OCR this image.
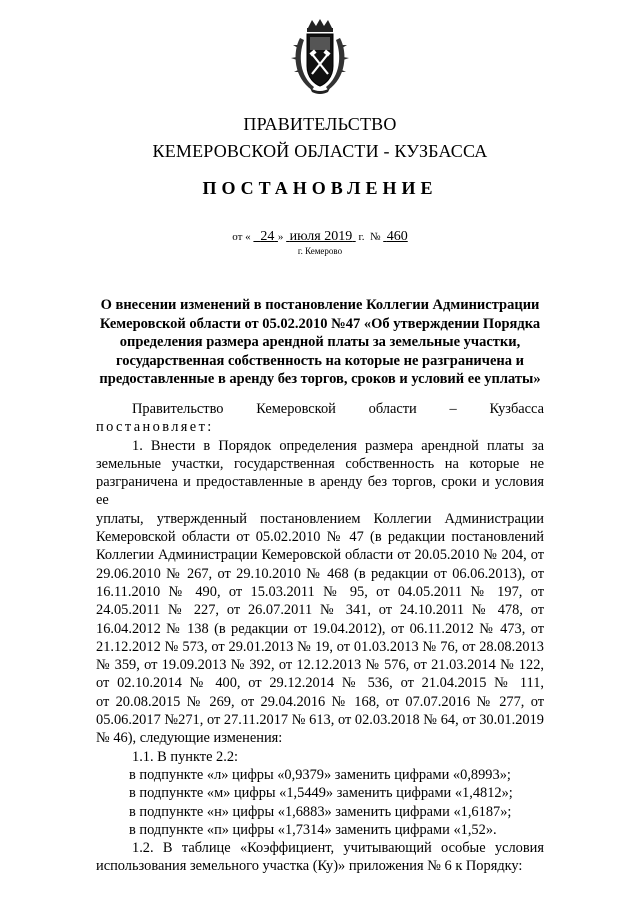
ПРАВИТЕЛЬСТВО
КЕМЕРОВСКОЙ ОБЛАСТИ - КУЗБАССА
ПОСТАНОВЛЕНИЕ
от « 24 » июля 2019 г. № 460
г. Кемерово
О внесении изменений в постановление Коллегии Администрации
Кемеровской области от 05.02.2010 №47 «Об утверждении Порядка
определения размера арендной платы за земельные участки,
государственная собственность на которые не разграничена и
предоставленные в аренду без торгов, сроков и условий ее уплаты»
Правительство Кемеровской области – Кузбасса
постановляет:
1. Внести в Порядок определения размера арендной платы за
земельные участки, государственная собственность на которые не
разграничена и предоставленные в аренду без торгов, сроки и условия ее
уплаты, утвержденный постановлением Коллегии Администрации
Кемеровской области от 05.02.2010 № 47 (в редакции постановлений
Коллегии Администрации Кемеровской области от 20.05.2010 № 204, от
29.06.2010 № 267, от 29.10.2010 № 468 (в редакции от 06.06.2013), от
16.11.2010 № 490, от 15.03.2011 № 95, от 04.05.2011 № 197, от
24.05.2011 № 227, от 26.07.2011 № 341, от 24.10.2011 № 478, от
16.04.2012 № 138 (в редакции от 19.04.2012), от 06.11.2012 № 473, от
21.12.2012 № 573, от 29.01.2013 № 19, от 01.03.2013 № 76, от 28.08.2013
№ 359, от 19.09.2013 № 392, от 12.12.2013 № 576, от 21.03.2014 № 122,
от 02.10.2014 № 400, от 29.12.2014 № 536, от 21.04.2015 № 111,
от 20.08.2015 № 269, от 29.04.2016 № 168, от 07.07.2016 № 277, от
05.06.2017 №271, от 27.11.2017 № 613, от 02.03.2018 № 64, от 30.01.2019
№ 46), следующие изменения:
1.1. В пункте 2.2:
в подпункте «л» цифры «0,9379» заменить цифрами «0,8993»;
в подпункте «м» цифры «1,5449» заменить цифрами «1,4812»;
в подпункте «н» цифры «1,6883» заменить цифрами «1,6187»;
в подпункте «п» цифры «1,7314» заменить цифрами «1,52».
1.2. В таблице «Коэффициент, учитывающий особые условия
использования земельного участка (Ку)» приложения № 6 к Порядку:
